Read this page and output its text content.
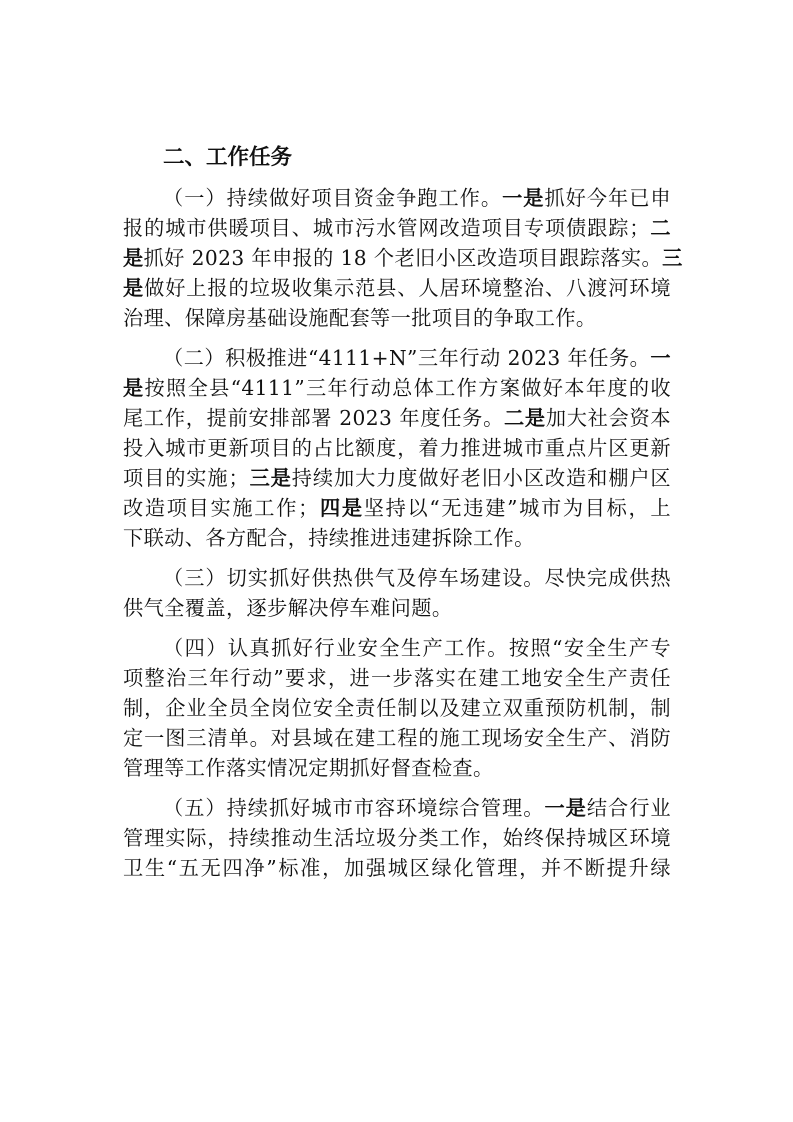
二、工作任务
（一）持续做好项目资金争跑工作。一是抓好今年已申
报的城市供暖项目、城市污水管网改造项目专项债跟踪；二
是抓好 2023 年申报的 18 个老旧小区改造项目跟踪落实。三
是做好上报的垃圾收集示范县、人居环境整治、八渡河环境
治理、保障房基础设施配套等一批项目的争取工作。
（二）积极推进“4111+N”三年行动 2023 年任务。一
是按照全县“4111”三年行动总体工作方案做好本年度的收
尾工作，提前安排部署 2023 年度任务。二是加大社会资本
投入城市更新项目的占比额度，着力推进城市重点片区更新
项目的实施；三是持续加大力度做好老旧小区改造和棚户区
改造项目实施工作；四是坚持以“无违建”城市为目标，上
下联动、各方配合，持续推进违建拆除工作。
（三）切实抓好供热供气及停车场建设。尽快完成供热
供气全覆盖，逐步解决停车难问题。
（四）认真抓好行业安全生产工作。按照“安全生产专
项整治三年行动”要求，进一步落实在建工地安全生产责任
制，企业全员全岗位安全责任制以及建立双重预防机制，制
定一图三清单。对县域在建工程的施工现场安全生产、消防
管理等工作落实情况定期抓好督查检查。
（五）持续抓好城市市容环境综合管理。一是结合行业
管理实际，持续推动生活垃圾分类工作，始终保持城区环境
卫生“五无四净”标准，加强城区绿化管理，并不断提升绿
